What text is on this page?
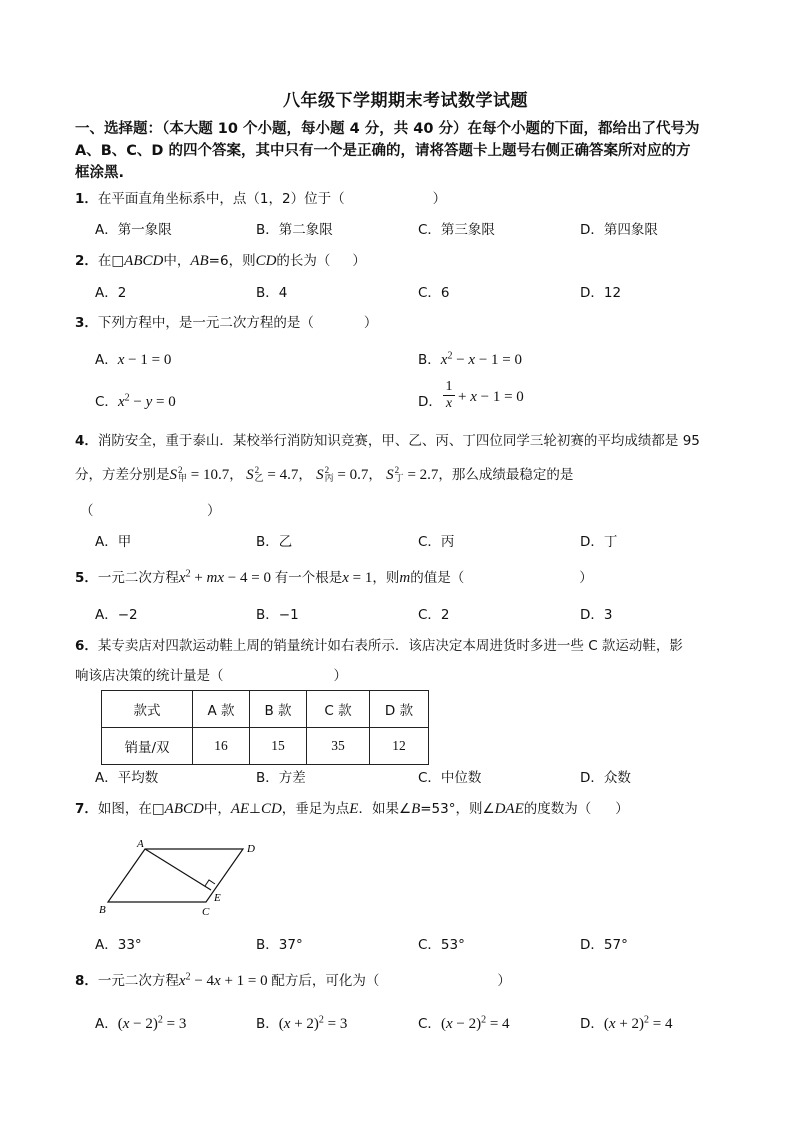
八年级下学期期末考试数学试题
一、选择题：（本大题 10 个小题，每小题 4 分，共 40 分）在每个小题的下面，都给出了代号为
A、B、C、D 的四个答案，其中只有一个是正确的，请将答题卡上题号右侧正确答案所对应的方
框涂黑.
1．在平面直角坐标系中，点（1，2）位于（	）
A．第一象限	B．第二象限	C．第三象限	D．第四象限
2．在□ABCD中，AB=6，则CD的长为（ ）
A．2	B．4	C．6	D．12
3．下列方程中，是一元二次方程的是（	）
A．x − 1 = 0	B．$x^2 - x - 1 = 0$
C．$x^2 - y = 0$	D．
1
x + x − 1 = 0
4．消防安全，重于泰山．某校举行消防知识竞赛，甲、乙、丙、丁四位同学三轮初赛的平均成绩都是 95
分，方差分别是S 2
甲 = 10.7， S 2
乙 = 4.7， S 2
丙 = 0.7， S 2
丁 = 2.7，那么成绩最稳定的是
（	）
A．甲	B．乙	C．丙	D．丁
5．一元二次方程$x^2$ + mx − 4 = 0 有一个根是x = 1，则m的值是（	）
A．−2	B．−1	C．2	D．3
6．某专卖店对四款运动鞋上周的销量统计如右表所示．该店决定本周进货时多进一些 C 款运动鞋，影
响该店决策的统计量是（	）
款式	A 款	B 款	C 款	D 款
销量/双	16	15	35	12
A．平均数	B．方差	C．中位数	D．众数
7．如图，在□ABCD中，AE⊥CD，垂足为点E．如果∠B=53°，则∠DAE的度数为（ ）
A	D
B	C
E
A．33°	B．37°	C．53°	D．57°
8．一元二次方程$x^2 - 4x + 1 = 0$ 配方后，可化为（	）
A．$(x - 2)^2 = 3$	B．$(x + 2)^2 = 3$	C．$(x - 2)^2 = 4$	D．$(x + 2)^2 = 4$
